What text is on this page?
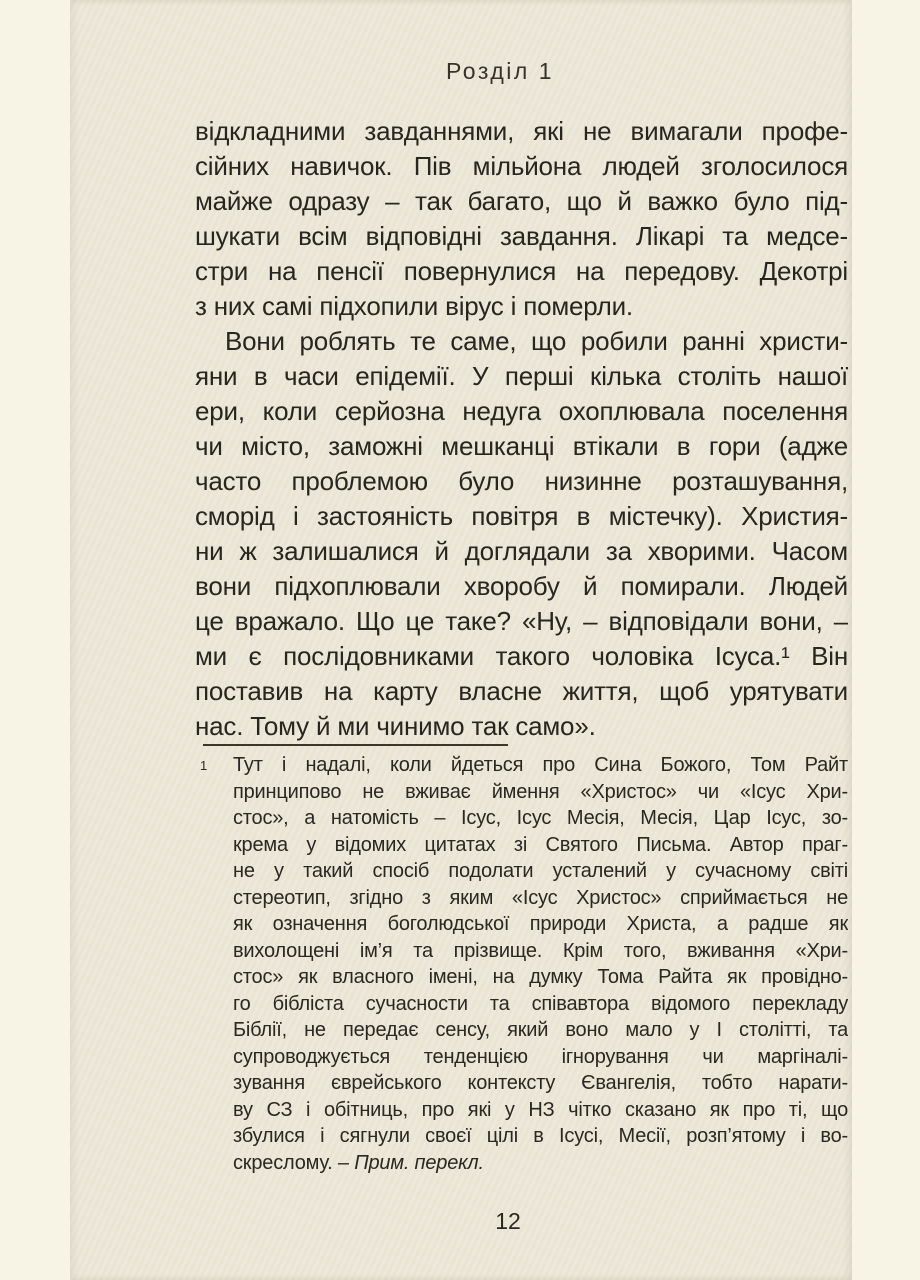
Розділ 1
відкладними завданнями, які не вимагали профе-
сійних навичок. Пів мільйона людей зголосилося
майже одразу – так багато, що й важко було під-
шукати всім відповідні завдання. Лікарі та медсе-
стри на пенсії повернулися на передову. Декотрі
з них самі підхопили вірус і померли.
Вони роблять те саме, що робили ранні христи-
яни в часи епідемії. У перші кілька століть нашої
ери, коли серйозна недуга охоплювала поселення
чи місто, заможні мешканці втікали в гори (адже
часто проблемою було низинне розташування,
сморід і застояність повітря в містечку). Христия-
ни ж залишалися й доглядали за хворими. Часом
вони підхоплювали хворобу й помирали. Людей
це вражало. Що це таке? «Ну, – відповідали вони, –
ми є послідовниками такого чоловіка Ісуса.¹ Він
поставив на карту власне життя, щоб урятувати
нас. Тому й ми чинимо так само».
1 Тут і надалі, коли йдеться про Сина Божого, Том Райт
принципово не вживає ймення «Христос» чи «Ісус Хри-
стос», а натомість – Ісус, Ісус Месія, Месія, Цар Ісус, зо-
крема у відомих цитатах зі Святого Письма. Автор праг-
не у такий спосіб подолати усталений у сучасному світі
стереотип, згідно з яким «Ісус Христос» сприймається не
як означення боголюдської природи Христа, а радше як
вихолощені ім’я та прізвище. Крім того, вживання «Хри-
стос» як власного імені, на думку Тома Райта як провідно-
го бібліста сучасности та співавтора відомого перекладу
Біблії, не передає сенсу, який воно мало у І столітті, та
супроводжується тенденцією ігнорування чи маргіналі-
зування єврейського контексту Євангелія, тобто нарати-
ву СЗ і обітниць, про які у НЗ чітко сказано як про ті, що
збулися і сягнули своєї цілі в Ісусі, Месії, розп’ятому і во-
скреслому. – Прим. перекл.
12
